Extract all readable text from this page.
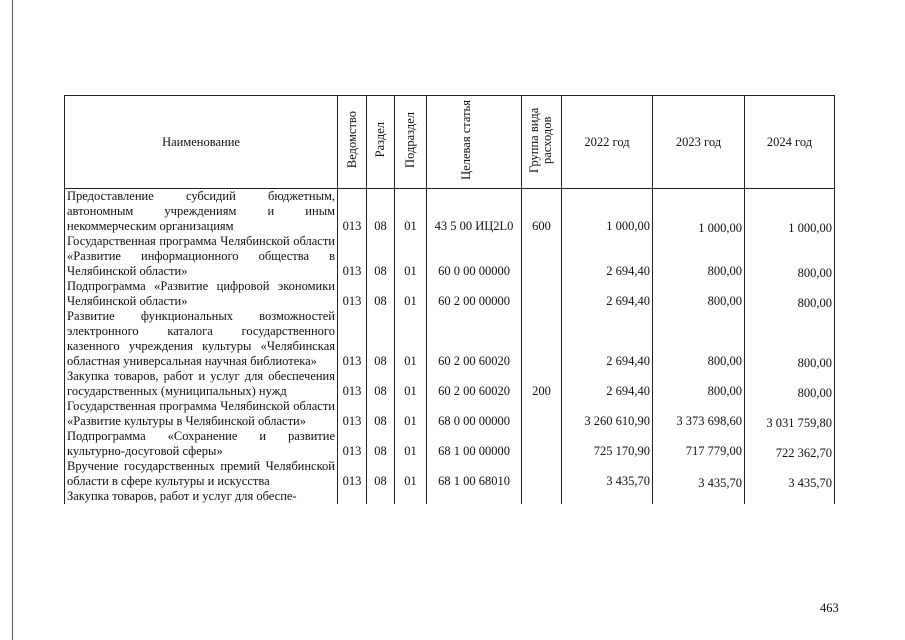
Наименование	Ведомство	Раздел	Подраздел	Целевая статья	Группа вида расходов	2022 год	2023 год	2024 год
Предоставление субсидий бюджетным, автономным учреждениям и иным некоммерческим организациям	013	08	01	43 5 00 ИЦ2L0	600	1 000,00	1 000,00	1 000,00
Государственная программа Челябинской области «Развитие информационного общества в Челябинской области»	013	08	01	60 0 00 00000		2 694,40	800,00	800,00
Подпрограмма «Развитие цифровой экономики Челябинской области»	013	08	01	60 2 00 00000		2 694,40	800,00	800,00
Развитие функциональных возможностей электронного каталога государственного казенного учреждения культуры «Челябинская областная универсальная научная библиотека»	013	08	01	60 2 00 60020		2 694,40	800,00	800,00
Закупка товаров, работ и услуг для обеспечения государственных (муниципальных) нужд	013	08	01	60 2 00 60020	200	2 694,40	800,00	800,00
Государственная программа Челябинской области «Развитие культуры в Челябинской области»	013	08	01	68 0 00 00000		3 260 610,90	3 373 698,60	3 031 759,80
Подпрограмма «Сохранение и развитие культурно-досуговой сферы»	013	08	01	68 1 00 00000		725 170,90	717 779,00	722 362,70
Вручение государственных премий Челябинской области в сфере культуры и искусства	013	08	01	68 1 00 68010		3 435,70	3 435,70	3 435,70
Закупка товаров, работ и услуг для обеспе-								
463
